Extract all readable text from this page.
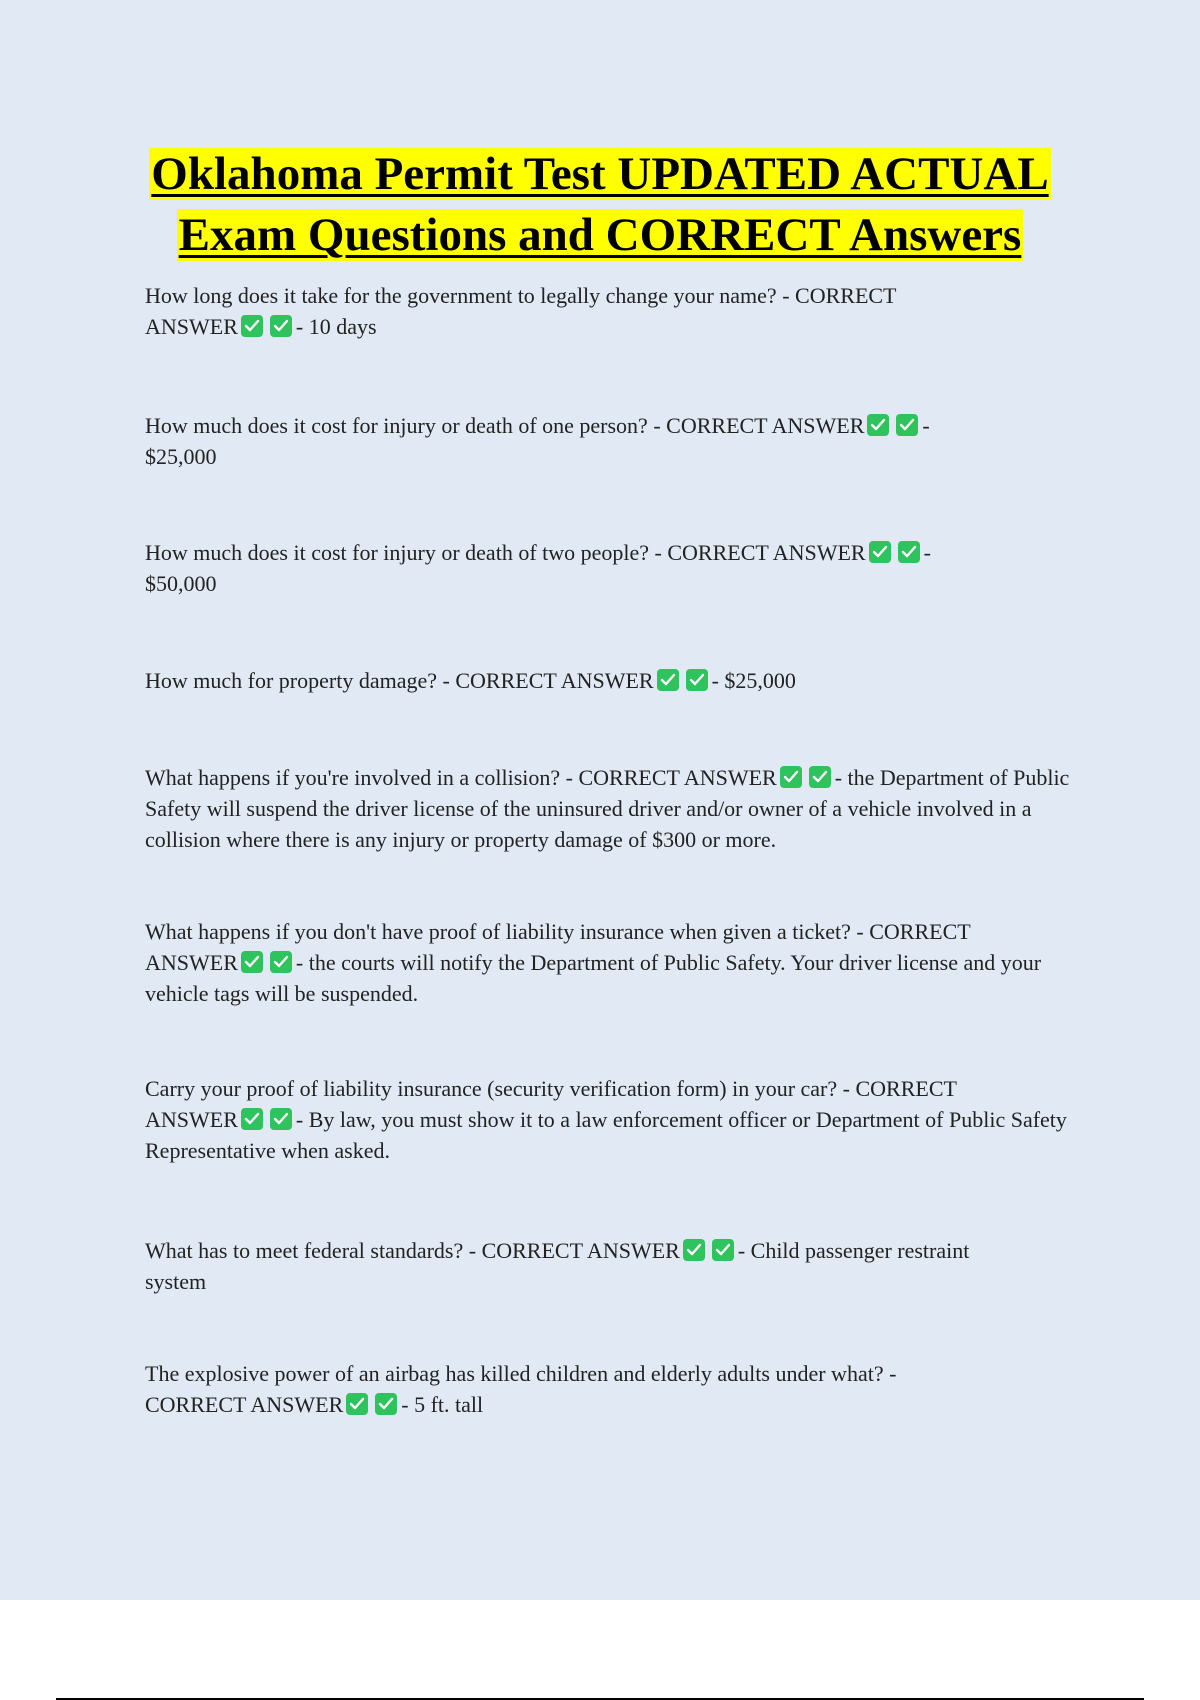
Oklahoma Permit Test UPDATED ACTUAL
Exam Questions and CORRECT Answers
How long does it take for the government to legally change your name? - CORRECT
ANSWER	- 10 days
How much does it cost for injury or death of one person? - CORRECT ANSWER	-
$25,000
How much does it cost for injury or death of two people? - CORRECT ANSWER	-
$50,000
How much for property damage? - CORRECT ANSWER	- $25,000
What happens if you're involved in a collision? - CORRECT ANSWER	- the Department of Public Safety will suspend the driver license of the uninsured driver and/or owner of a vehicle involved in a collision where there is any injury or property damage of $300 or more.
What happens if you don't have proof of liability insurance when given a ticket? - CORRECT
ANSWER	- the courts will notify the Department of Public Safety. Your driver license and your vehicle tags will be suspended.
Carry your proof of liability insurance (security verification form) in your car? - CORRECT
ANSWER	- By law, you must show it to a law enforcement officer or Department of Public Safety Representative when asked.
What has to meet federal standards? - CORRECT ANSWER	- Child passenger restraint
system
The explosive power of an airbag has killed children and elderly adults under what? -
CORRECT ANSWER	- 5 ft. tall
